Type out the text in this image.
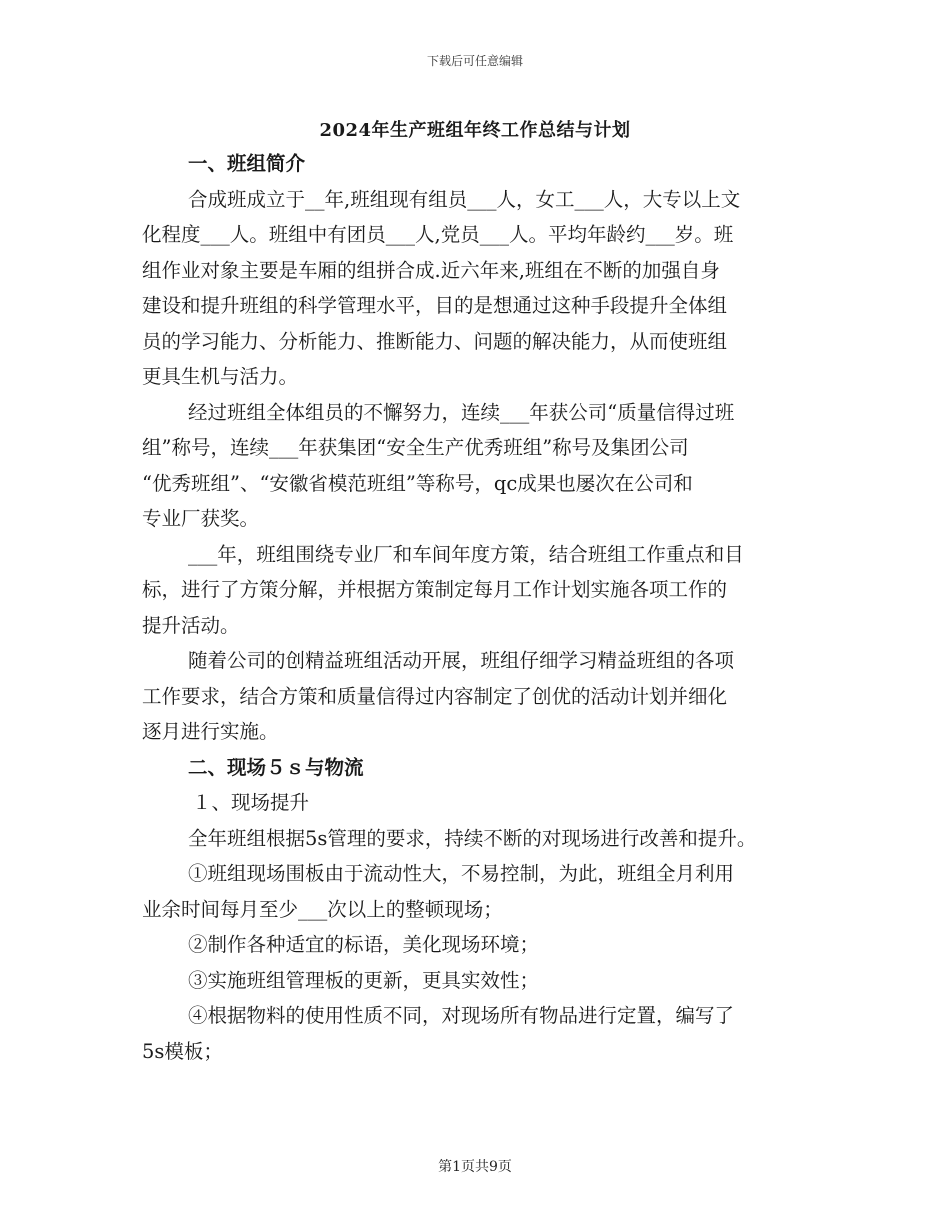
下载后可任意编辑
2024年生产班组年终工作总结与计划

一、班组简介

合成班成立于__年,班组现有组员___人，女工___人，大专以上文
化程度___人。班组中有团员___人,党员___人。平均年龄约___岁。班
组作业对象主要是车厢的组拼合成.近六年来,班组在不断的加强自身
建设和提升班组的科学管理水平，目的是想通过这种手段提升全体组
员的学习能力、分析能力、推断能力、问题的解决能力，从而使班组
更具生机与活力。

经过班组全体组员的不懈努力，连续___年获公司“质量信得过班
组”称号，连续___年获集团“安全生产优秀班组”称号及集团公司
“优秀班组”、“安徽省模范班组”等称号，qc成果也屡次在公司和
专业厂获奖。

___年，班组围绕专业厂和车间年度方策，结合班组工作重点和目
标，进行了方策分解，并根据方策制定每月工作计划实施各项工作的
提升活动。

随着公司的创精益班组活动开展，班组仔细学习精益班组的各项
工作要求，结合方策和质量信得过内容制定了创优的活动计划并细化
逐月进行实施。

二、现场５ｓ与物流

１、现场提升

全年班组根据5s管理的要求，持续不断的对现场进行改善和提升。

①班组现场围板由于流动性大，不易控制，为此，班组全月利用
业余时间每月至少___次以上的整顿现场；

②制作各种适宜的标语，美化现场环境；

③实施班组管理板的更新，更具实效性；

④根据物料的使用性质不同，对现场所有物品进行定置，编写了
5s模板；

第1页共9页
